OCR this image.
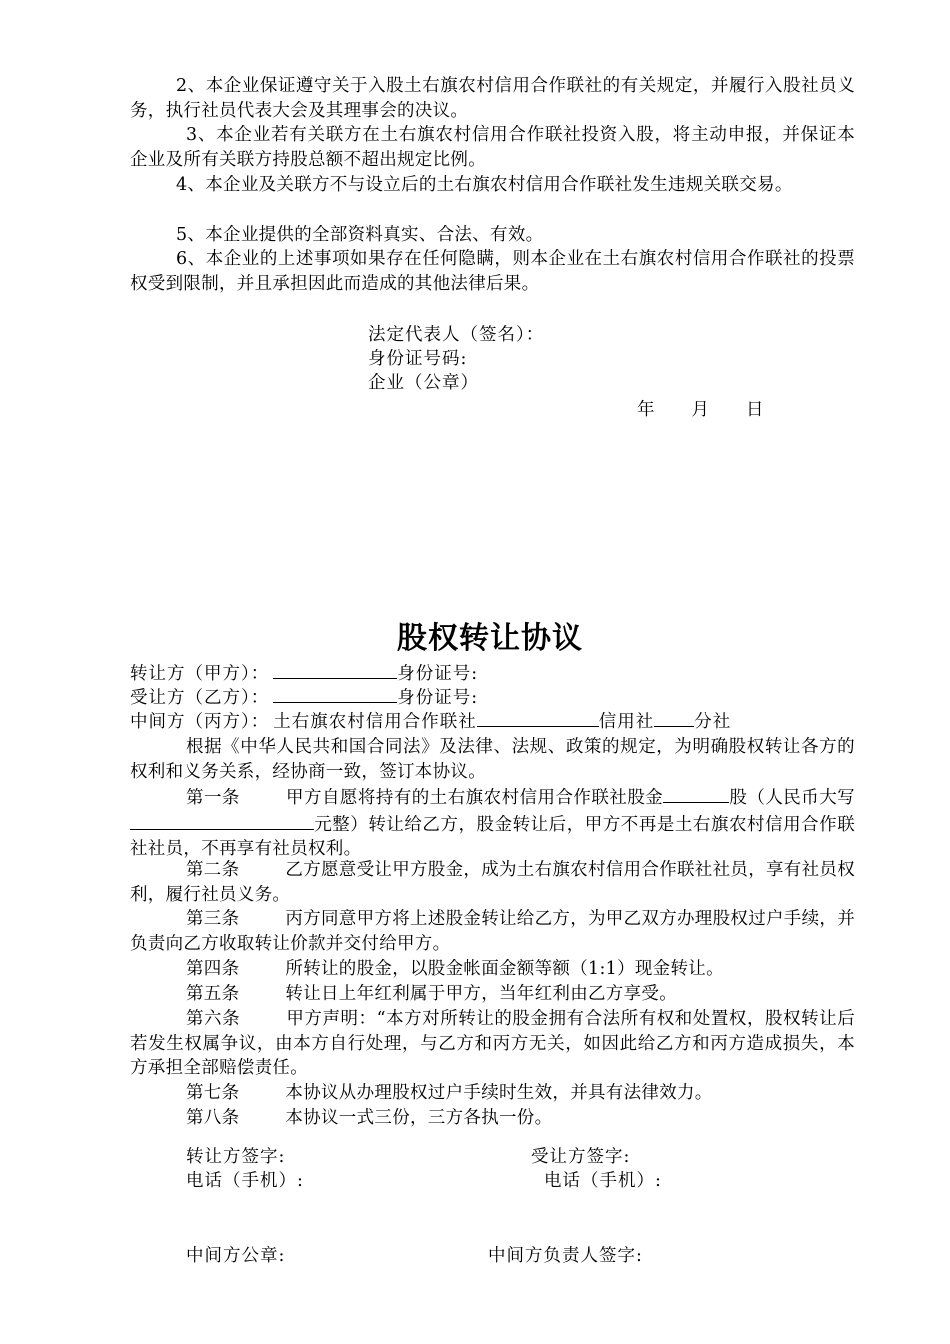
2、本企业保证遵守关于入股土右旗农村信用合作联社的有关规定，并履行入股社员义务，执行社员代表大会及其理事会的决议。

3、本企业若有关联方在土右旗农村信用合作联社投资入股，将主动申报，并保证本企业及所有关联方持股总额不超出规定比例。

4、本企业及关联方不与设立后的土右旗农村信用合作联社发生违规关联交易。

5、本企业提供的全部资料真实、合法、有效。

6、本企业的上述事项如果存在任何隐瞒，则本企业在土右旗农村信用合作联社的投票权受到限制，并且承担因此而造成的其他法律后果。

法定代表人（签名）：
身份证号码:
企业（公章）
年 月 日
股权转让协议
转让方（甲方）：	身份证号:
受让方（乙方）：	身份证号:
中间方（丙方）： 土右旗农村信用合作联社	信用社 分社

根据《中华人民共和国合同法》及法律、法规、政策的规定，为明确股权转让各方的权利和义务关系，经协商一致，签订本协议。

第一条	甲方自愿将持有的土右旗农村信用合作联社股金	股（人民币大写元整）转让给乙方，股金转让后，甲方不再是土右旗农村信用合作联社社员，不再享有社员权利。

第二条	乙方愿意受让甲方股金，成为土右旗农村信用合作联社社员，享有社员权利，履行社员义务。

第三条	丙方同意甲方将上述股金转让给乙方，为甲乙双方办理股权过户手续，并负责向乙方收取转让价款并交付给甲方。

第四条	所转让的股金，以股金帐面金额等额（1:1）现金转让。

第五条	转让日上年红利属于甲方，当年红利由乙方享受。

第六条	甲方声明：“本方对所转让的股金拥有合法所有权和处置权，股权转让后若发生权属争议，由本方自行处理，与乙方和丙方无关，如因此给乙方和丙方造成损失，本方承担全部赔偿责任。

第七条	本协议从办理股权过户手续时生效，并具有法律效力。

第八条	本协议一式三份，三方各执一份。

转让方签字:	受让方签字:
电话（手机）:	电话（手机）:
中间方公章:	中间方负责人签字:
